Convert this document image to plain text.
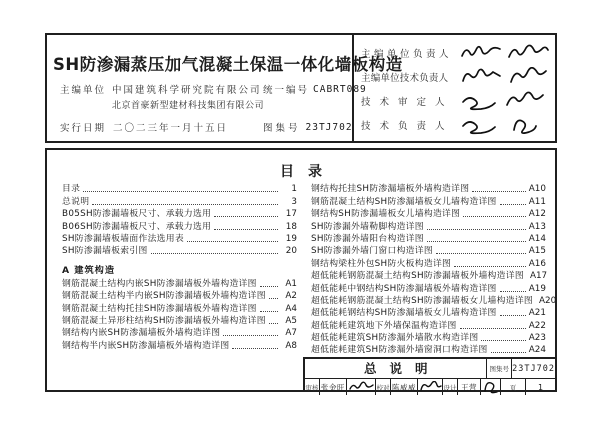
SH防渗漏蒸压加气混凝土保温一体化墙板构造
主编单位 中国建筑科学研究院有限公司
北京首豪新型建材科技集团有限公司
统一编号 CABRT089
实行日期 二〇二三年一月十五日	图集号 23TJ702
主编单位负责人
主编单位技术负责人
技术审定人
技术负责人
目录
目录	1
总说明	3
B05SH防渗漏墙板尺寸、承载力选用	17
B06SH防渗漏墙板尺寸、承载力选用	18
SH防渗漏墙板墙面作法选用表	19
SH防渗漏墙板索引图	20
A 建筑构造
钢筋混凝土结构内嵌SH防渗漏墙板外墙构造详图	A1
钢筋混凝土结构半内嵌SH防渗漏墙板外墙构造详图	A2
钢筋混凝土结构托挂SH防渗漏墙板外墙构造详图	A4
钢筋混凝土异形柱结构SH防渗漏墙板外墙构造详图	A5
钢结构内嵌SH防渗漏墙板外墙构造详图	A7
钢结构半内嵌SH防渗漏墙板外墙构造详图	A8
钢结构托挂SH防渗漏墙板外墙构造详图	A10
钢筋混凝土结构SH防渗漏墙板女儿墙构造详图	A11
钢结构SH防渗漏墙板女儿墙构造详图	A12
SH防渗漏外墙勒脚构造详图	A13
SH防渗漏外墙阳台构造详图	A14
SH防渗漏外墙门窗口构造详图	A15
钢结构梁柱外包SH防火板构造详图	A16
超低能耗钢筋混凝土结构SH防渗漏墙板外墙构造详图 A17
超低能耗中钢结构SH防渗漏墙板外墙构造详图	A19
超低能耗钢筋混凝土结构SH防渗漏墙板女儿墙构造详图 A20
超低能耗钢结构SH防渗漏墙板女儿墙构造详图	A21
超低能耗建筑地下外墙保温构造详图	A22
超低能耗建筑SH防渗漏外墙散水构造详图	A23
超低能耗建筑SH防渗漏外墙窗洞口构造详图	A24
总说明	图集号 23TJ702
审核 张金旺	校对 陈威威	设计 王营	页	1
